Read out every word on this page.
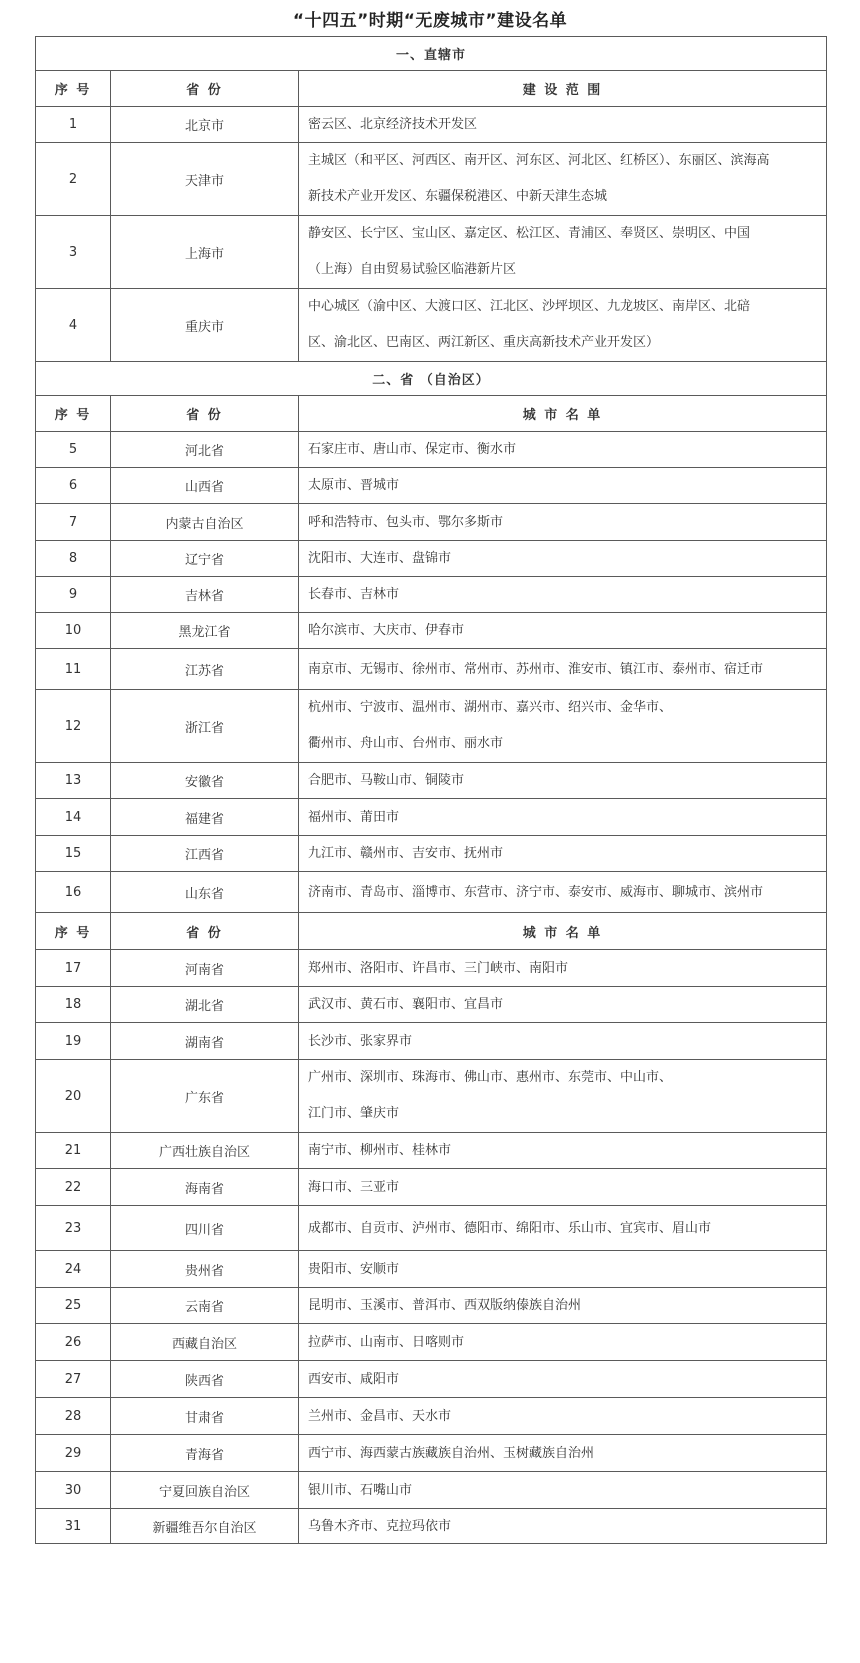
“十四五”时期“无废城市”建设名单
一、直辖市		
序 号	省 份	建 设 范 围
1	北京市	密云区、北京经济技术开发区

2	天津市	主城区（和平区、河西区、南开区、河东区、河北区、红桥区）、东丽区、滨海高
新技术产业开发区、东疆保税港区、中新天津生态城

3	上海市	静安区、长宁区、宝山区、嘉定区、松江区、青浦区、奉贤区、崇明区、中国
（上海）自由贸易试验区临港新片区

4	重庆市	中心城区（渝中区、大渡口区、江北区、沙坪坝区、九龙坡区、南岸区、北碚
区、渝北区、巴南区、两江新区、重庆高新技术产业开发区）

二、省 （自治区）		
序 号	省 份	城 市 名 单
5	河北省	石家庄市、唐山市、保定市、衡水市

6	山西省	太原市、晋城市

7	内蒙古自治区	呼和浩特市、包头市、鄂尔多斯市

8	辽宁省	沈阳市、大连市、盘锦市

9	吉林省	长春市、吉林市

10	黑龙江省	哈尔滨市、大庆市、伊春市

11	江苏省	南京市、无锡市、徐州市、常州市、苏州市、淮安市、镇江市、泰州市、宿迁市

12	浙江省	杭州市、宁波市、温州市、湖州市、嘉兴市、绍兴市、金华市、
衢州市、舟山市、台州市、丽水市

13	安徽省	合肥市、马鞍山市、铜陵市

14	福建省	福州市、莆田市

15	江西省	九江市、赣州市、吉安市、抚州市

16	山东省	济南市、青岛市、淄博市、东营市、济宁市、泰安市、威海市、聊城市、滨州市

序 号	省 份	城 市 名 单
17	河南省	郑州市、洛阳市、许昌市、三门峡市、南阳市

18	湖北省	武汉市、黄石市、襄阳市、宜昌市

19	湖南省	长沙市、张家界市

20	广东省	广州市、深圳市、珠海市、佛山市、惠州市、东莞市、中山市、
江门市、肇庆市

21	广西壮族自治区	南宁市、柳州市、桂林市

22	海南省	海口市、三亚市

23	四川省	成都市、自贡市、泸州市、德阳市、绵阳市、乐山市、宜宾市、眉山市

24	贵州省	贵阳市、安顺市

25	云南省	昆明市、玉溪市、普洱市、西双版纳傣族自治州

26	西藏自治区	拉萨市、山南市、日喀则市

27	陕西省	西安市、咸阳市

28	甘肃省	兰州市、金昌市、天水市

29	青海省	西宁市、海西蒙古族藏族自治州、玉树藏族自治州

30	宁夏回族自治区	银川市、石嘴山市

31	新疆维吾尔自治区	乌鲁木齐市、克拉玛依市
